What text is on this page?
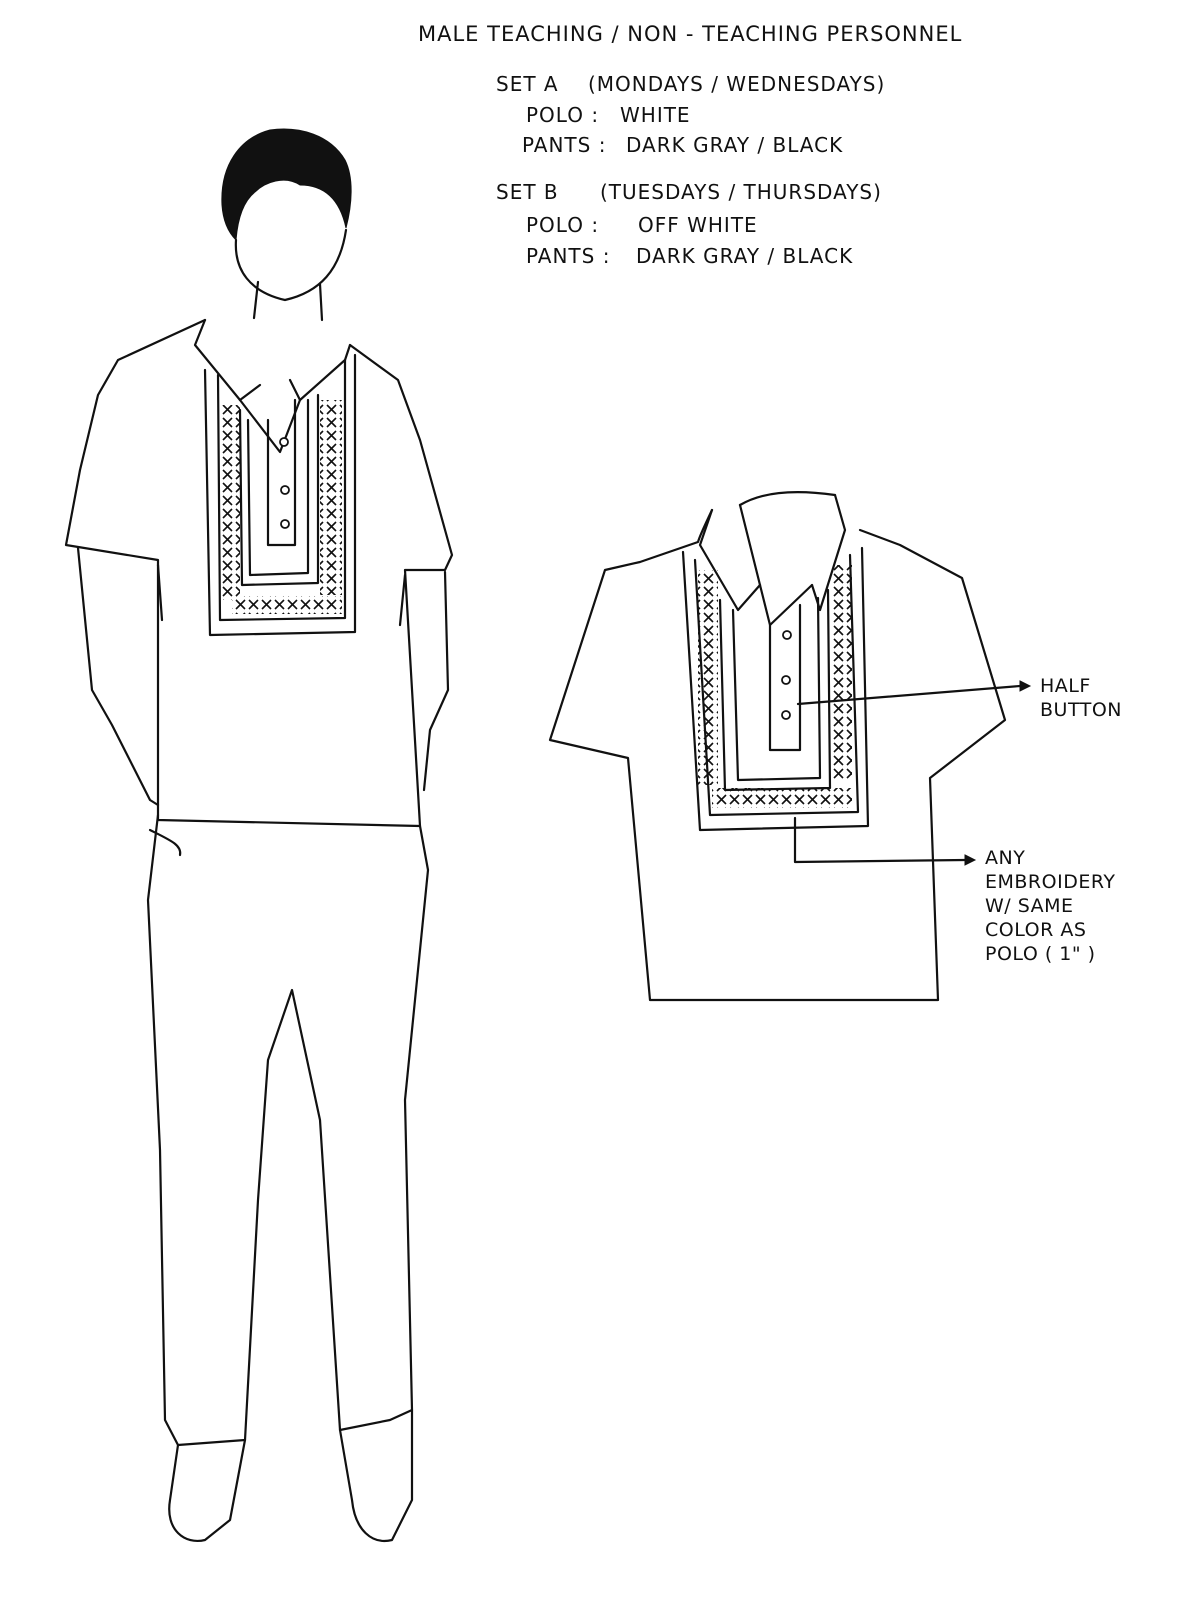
MALE TEACHING / NON - TEACHING PERSONNEL
SET A (MONDAYS / WEDNESDAYS)
POLO : WHITE
PANTS : DARK GRAY / BLACK
SET B (TUESDAYS / THURSDAYS)
POLO : OFF WHITE
PANTS : DARK GRAY / BLACK
HALF
BUTTON
ANY
EMBROIDERY
W/ SAME
COLOR AS
POLO ( 1" )
